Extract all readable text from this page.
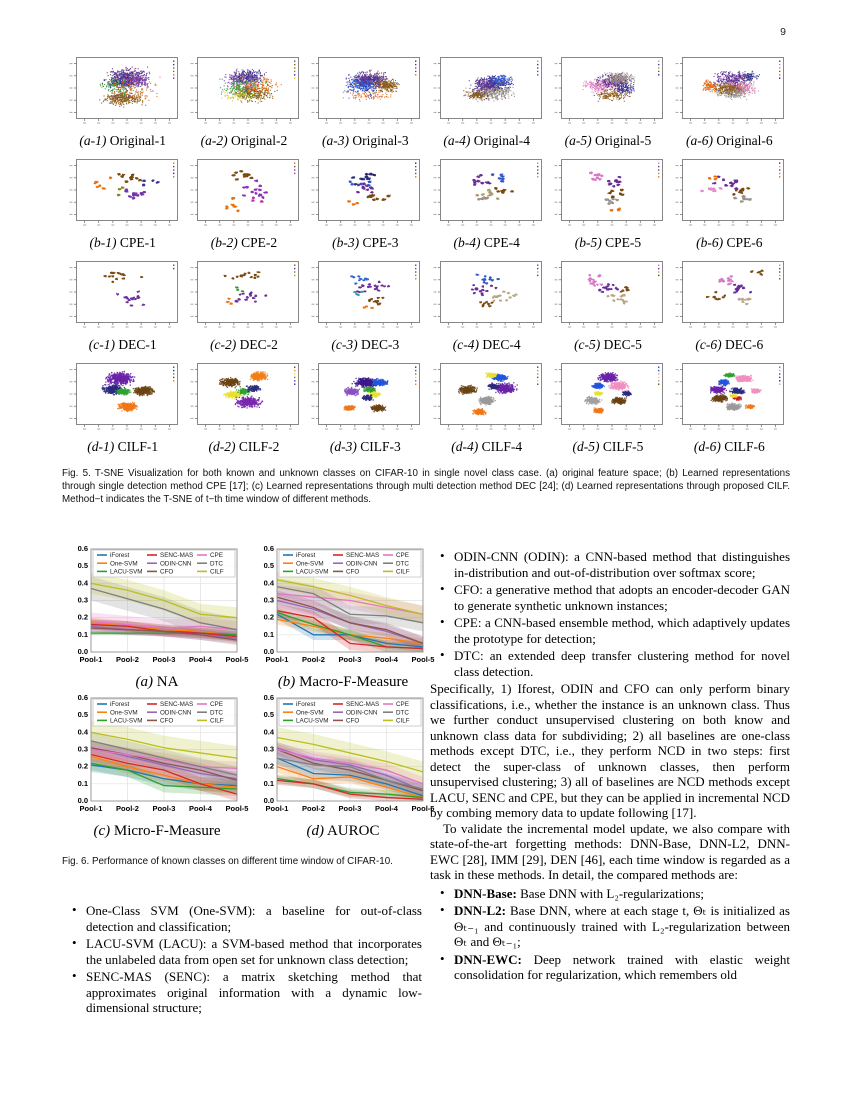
9
(a-1) Original-1	(a-2) Original-2	(a-3) Original-3	(a-4) Original-4	(a-5) Original-5	(a-6) Original-6
(b-1) CPE-1	(b-2) CPE-2	(b-3) CPE-3	(b-4) CPE-4	(b-5) CPE-5	(b-6) CPE-6
(c-1) DEC-1	(c-2) DEC-2	(c-3) DEC-3	(c-4) DEC-4	(c-5) DEC-5	(c-6) DEC-6
(d-1) CILF-1	(d-2) CILF-2	(d-3) CILF-3	(d-4) CILF-4	(d-5) CILF-5	(d-6) CILF-6

Fig. 5. T-SNE Visualization for both known and unknown classes on CIFAR-10 in single novel class case. (a) original feature space; (b) Learned representations through single detection method CPE [17]; (c) Learned representations through multi detection method DEC [24]; (d) Learned representations through proposed CILF. Method−t indicates the T-SNE of t−th time window of different methods.

(a) NA	(b) Macro-F-Measure
(c) Micro-F-Measure	(d) AUROC

Fig. 6. Performance of known classes on different time window of CIFAR-10.

• One-Class SVM (One-SVM): a baseline for out-of-class detection and classification;
• LACU-SVM (LACU): a SVM-based method that incorporates the unlabeled data from open set for unknown class detection;
• SENC-MAS (SENC): a matrix sketching method that approximates original information with a dynamic low-dimensional structure;
• ODIN-CNN (ODIN): a CNN-based method that distinguishes in-distribution and out-of-distribution over softmax score;
• CFO: a generative method that adopts an encoder-decoder GAN to generate synthetic unknown instances;
• CPE: a CNN-based ensemble method, which adaptively updates the prototype for detection;
• DTC: an extended deep transfer clustering method for novel class detection.

Specifically, 1) Iforest, ODIN and CFO can only perform binary classifications, i.e., whether the instance is an unknown class. Thus we further conduct unsupervised clustering on both know and unknown class data for subdividing; 2) all baselines are one-class methods except DTC, i.e., they perform NCD in two steps: first detect the super-class of unknown classes, then perform unsupervised clustering; 3) all of baselines are NCD methods except LACU, SENC and CPE, but they can be applied in incremental NCD by combing memory data to update following [17].

To validate the incremental model update, we also compare with state-of-the-art forgetting methods: DNN-Base, DNN-L2, DNN-EWC [28], IMM [29], DEN [46], each time window is regarded as a task in these methods. In detail, the compared methods are:

• DNN-Base: Base DNN with L₂-regularizations;
• DNN-L2: Base DNN, where at each stage t, Θₜ is initialized as Θₜ₋₁ and continuously trained with L₂-regularization between Θₜ and Θₜ₋₁;
• DNN-EWC: Deep network trained with elastic weight consolidation for regularization, which remembers old
